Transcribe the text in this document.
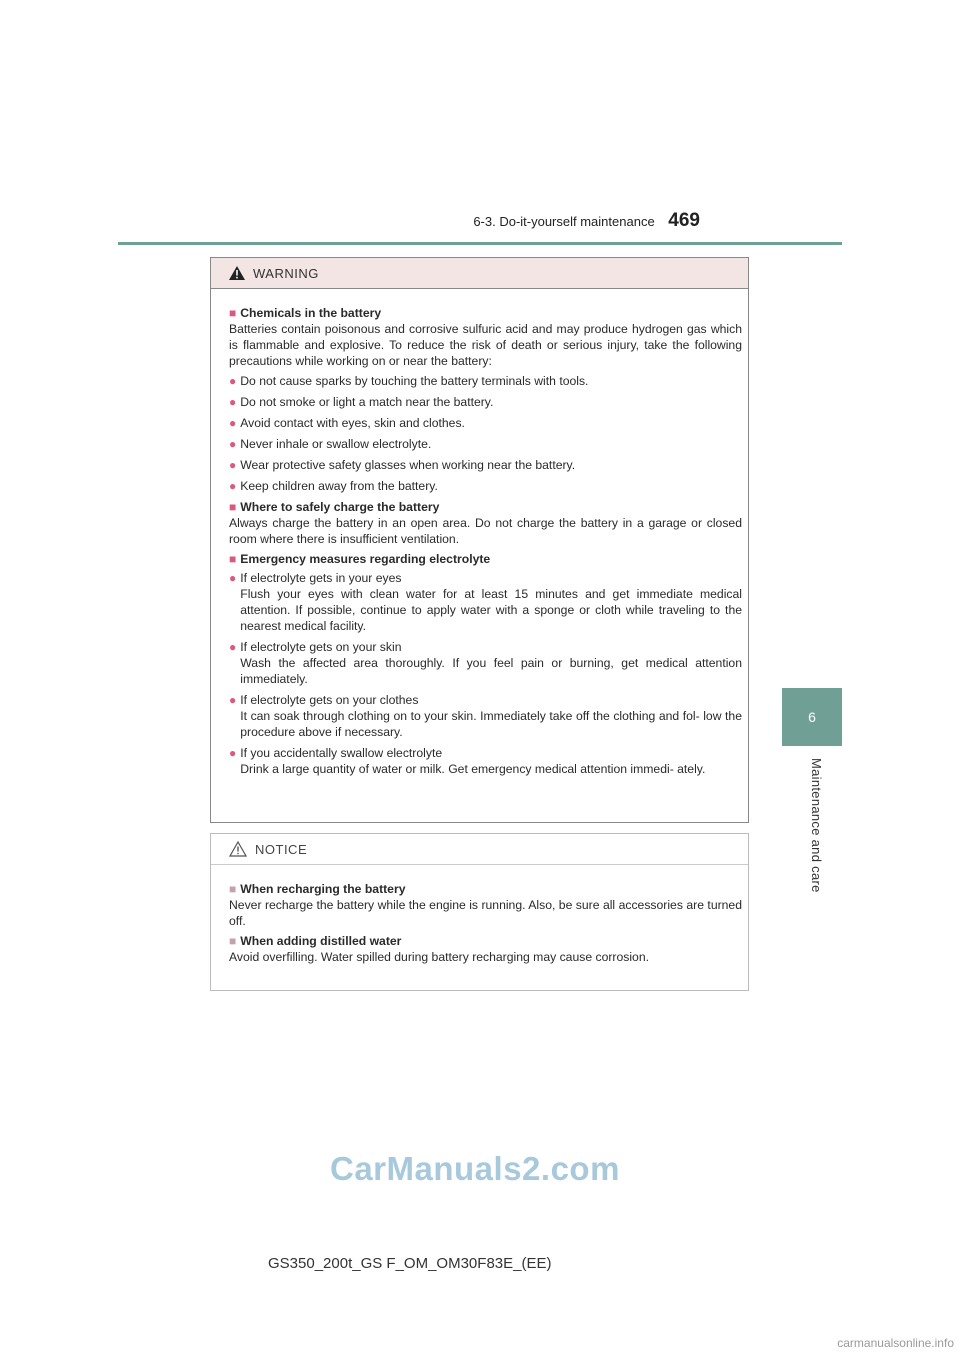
6-3. Do-it-yourself maintenance 469
6
Maintenance and care
WARNING
■ Chemicals in the battery
Batteries contain poisonous and corrosive sulfuric acid and may produce hydrogen gas which is flammable and explosive. To reduce the risk of death or serious injury, take the following precautions while working on or near the battery:
● Do not cause sparks by touching the battery terminals with tools.
● Do not smoke or light a match near the battery.
● Avoid contact with eyes, skin and clothes.
● Never inhale or swallow electrolyte.
● Wear protective safety glasses when working near the battery.
● Keep children away from the battery.
■ Where to safely charge the battery
Always charge the battery in an open area. Do not charge the battery in a garage or closed room where there is insufficient ventilation.
■ Emergency measures regarding electrolyte
● If electrolyte gets in your eyes
Flush your eyes with clean water for at least 15 minutes and get immediate medical attention. If possible, continue to apply water with a sponge or cloth while traveling to the nearest medical facility.
● If electrolyte gets on your skin
Wash the affected area thoroughly. If you feel pain or burning, get medical attention immediately.
● If electrolyte gets on your clothes
It can soak through clothing on to your skin. Immediately take off the clothing and fol- low the procedure above if necessary.
● If you accidentally swallow electrolyte
Drink a large quantity of water or milk. Get emergency medical attention immedi- ately.
NOTICE
■ When recharging the battery
Never recharge the battery while the engine is running. Also, be sure all accessories are turned off.
■ When adding distilled water
Avoid overfilling. Water spilled during battery recharging may cause corrosion.
CarManuals2.com
GS350_200t_GS F_OM_OM30F83E_(EE)
carmanualsonline.info
